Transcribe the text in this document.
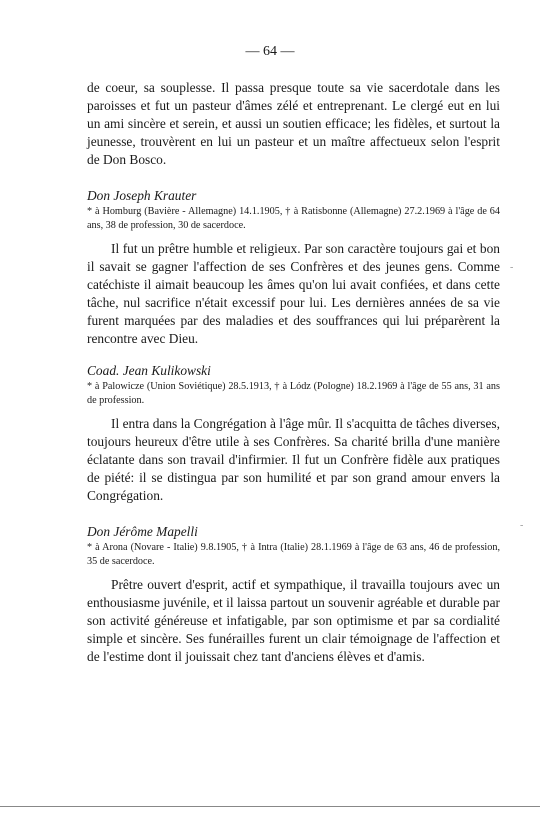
— 64 —

de coeur, sa souplesse. Il passa presque toute sa vie sacerdotale dans les paroisses et fut un pasteur d'âmes zélé et entreprenant. Le clergé eut en lui un ami sincère et serein, et aussi un soutien efficace; les fidèles, et surtout la jeunesse, trouvèrent en lui un pasteur et un maître affectueux selon l'esprit de Don Bosco.

Don Joseph Krauter

* à Homburg (Bavière - Allemagne) 14.1.1905, † à Ratisbonne (Allemagne) 27.2.1969 à l'âge de 64 ans, 38 de profession, 30 de sacerdoce.

Il fut un prêtre humble et religieux. Par son caractère toujours gai et bon il savait se gagner l'affection de ses Confrères et des jeunes gens. Comme catéchiste il aimait beaucoup les âmes qu'on lui avait confiées, et dans cette tâche, nul sacrifice n'était excessif pour lui. Les dernières années de sa vie furent marquées par des maladies et des souffrances qui lui préparèrent la rencontre avec Dieu.

Coad. Jean Kulikowski

* à Palowicze (Union Soviétique) 28.5.1913, † à Lódz (Pologne) 18.2.1969 à l'âge de 55 ans, 31 ans de profession.

Il entra dans la Congrégation à l'âge mûr. Il s'acquitta de tâches diverses, toujours heureux d'être utile à ses Confrères. Sa charité brilla d'une manière éclatante dans son travail d'infirmier. Il fut un Confrère fidèle aux pratiques de piété: il se distingua par son humilité et par son grand amour envers la Congrégation.

Don Jérôme Mapelli

* à Arona (Novare - Italie) 9.8.1905, † à Intra (Italie) 28.1.1969 à l'âge de 63 ans, 46 de profession, 35 de sacerdoce.

Prêtre ouvert d'esprit, actif et sympathique, il travailla toujours avec un enthousiasme juvénile, et il laissa partout un souvenir agréable et durable par son activité généreuse et infatigable, par son optimisme et par sa cordialité simple et sincère. Ses funérailles furent un clair témoignage de l'affection et de l'estime dont il jouissait chez tant d'anciens élèves et d'amis.

-
-
